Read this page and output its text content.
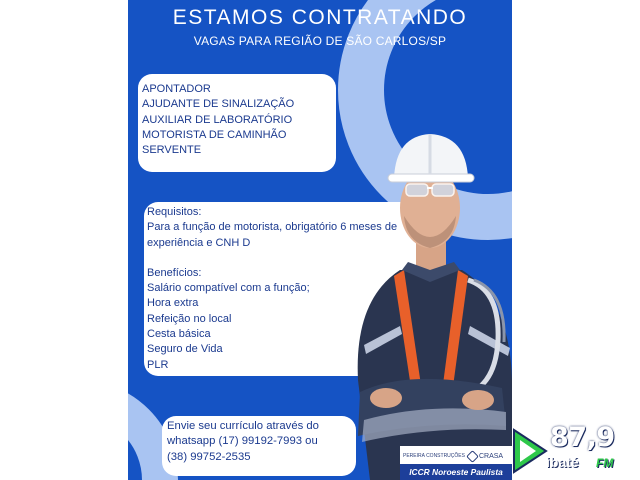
ESTAMOS CONTRATANDO
VAGAS PARA REGIÃO DE SÃO CARLOS/SP
APONTADOR
AJUDANTE DE SINALIZAÇÃO
AUXILIAR DE LABORATÓRIO
MOTORISTA DE CAMINHÃO
SERVENTE
Requisitos:
Para a função de motorista, obrigatório 6 meses de
experiência e CNH D
Benefícios:
Salário compatível com a função;
Hora extra
Refeição no local
Cesta básica
Seguro de Vida
PLR
Envie seu currículo através do
whatsapp (17) 99192-7993 ou
(38) 99752-2535	PEREIRA CONSTRUÇÕES CRASA
ICCR Noroeste Paulista
87,9
ibaté FM
